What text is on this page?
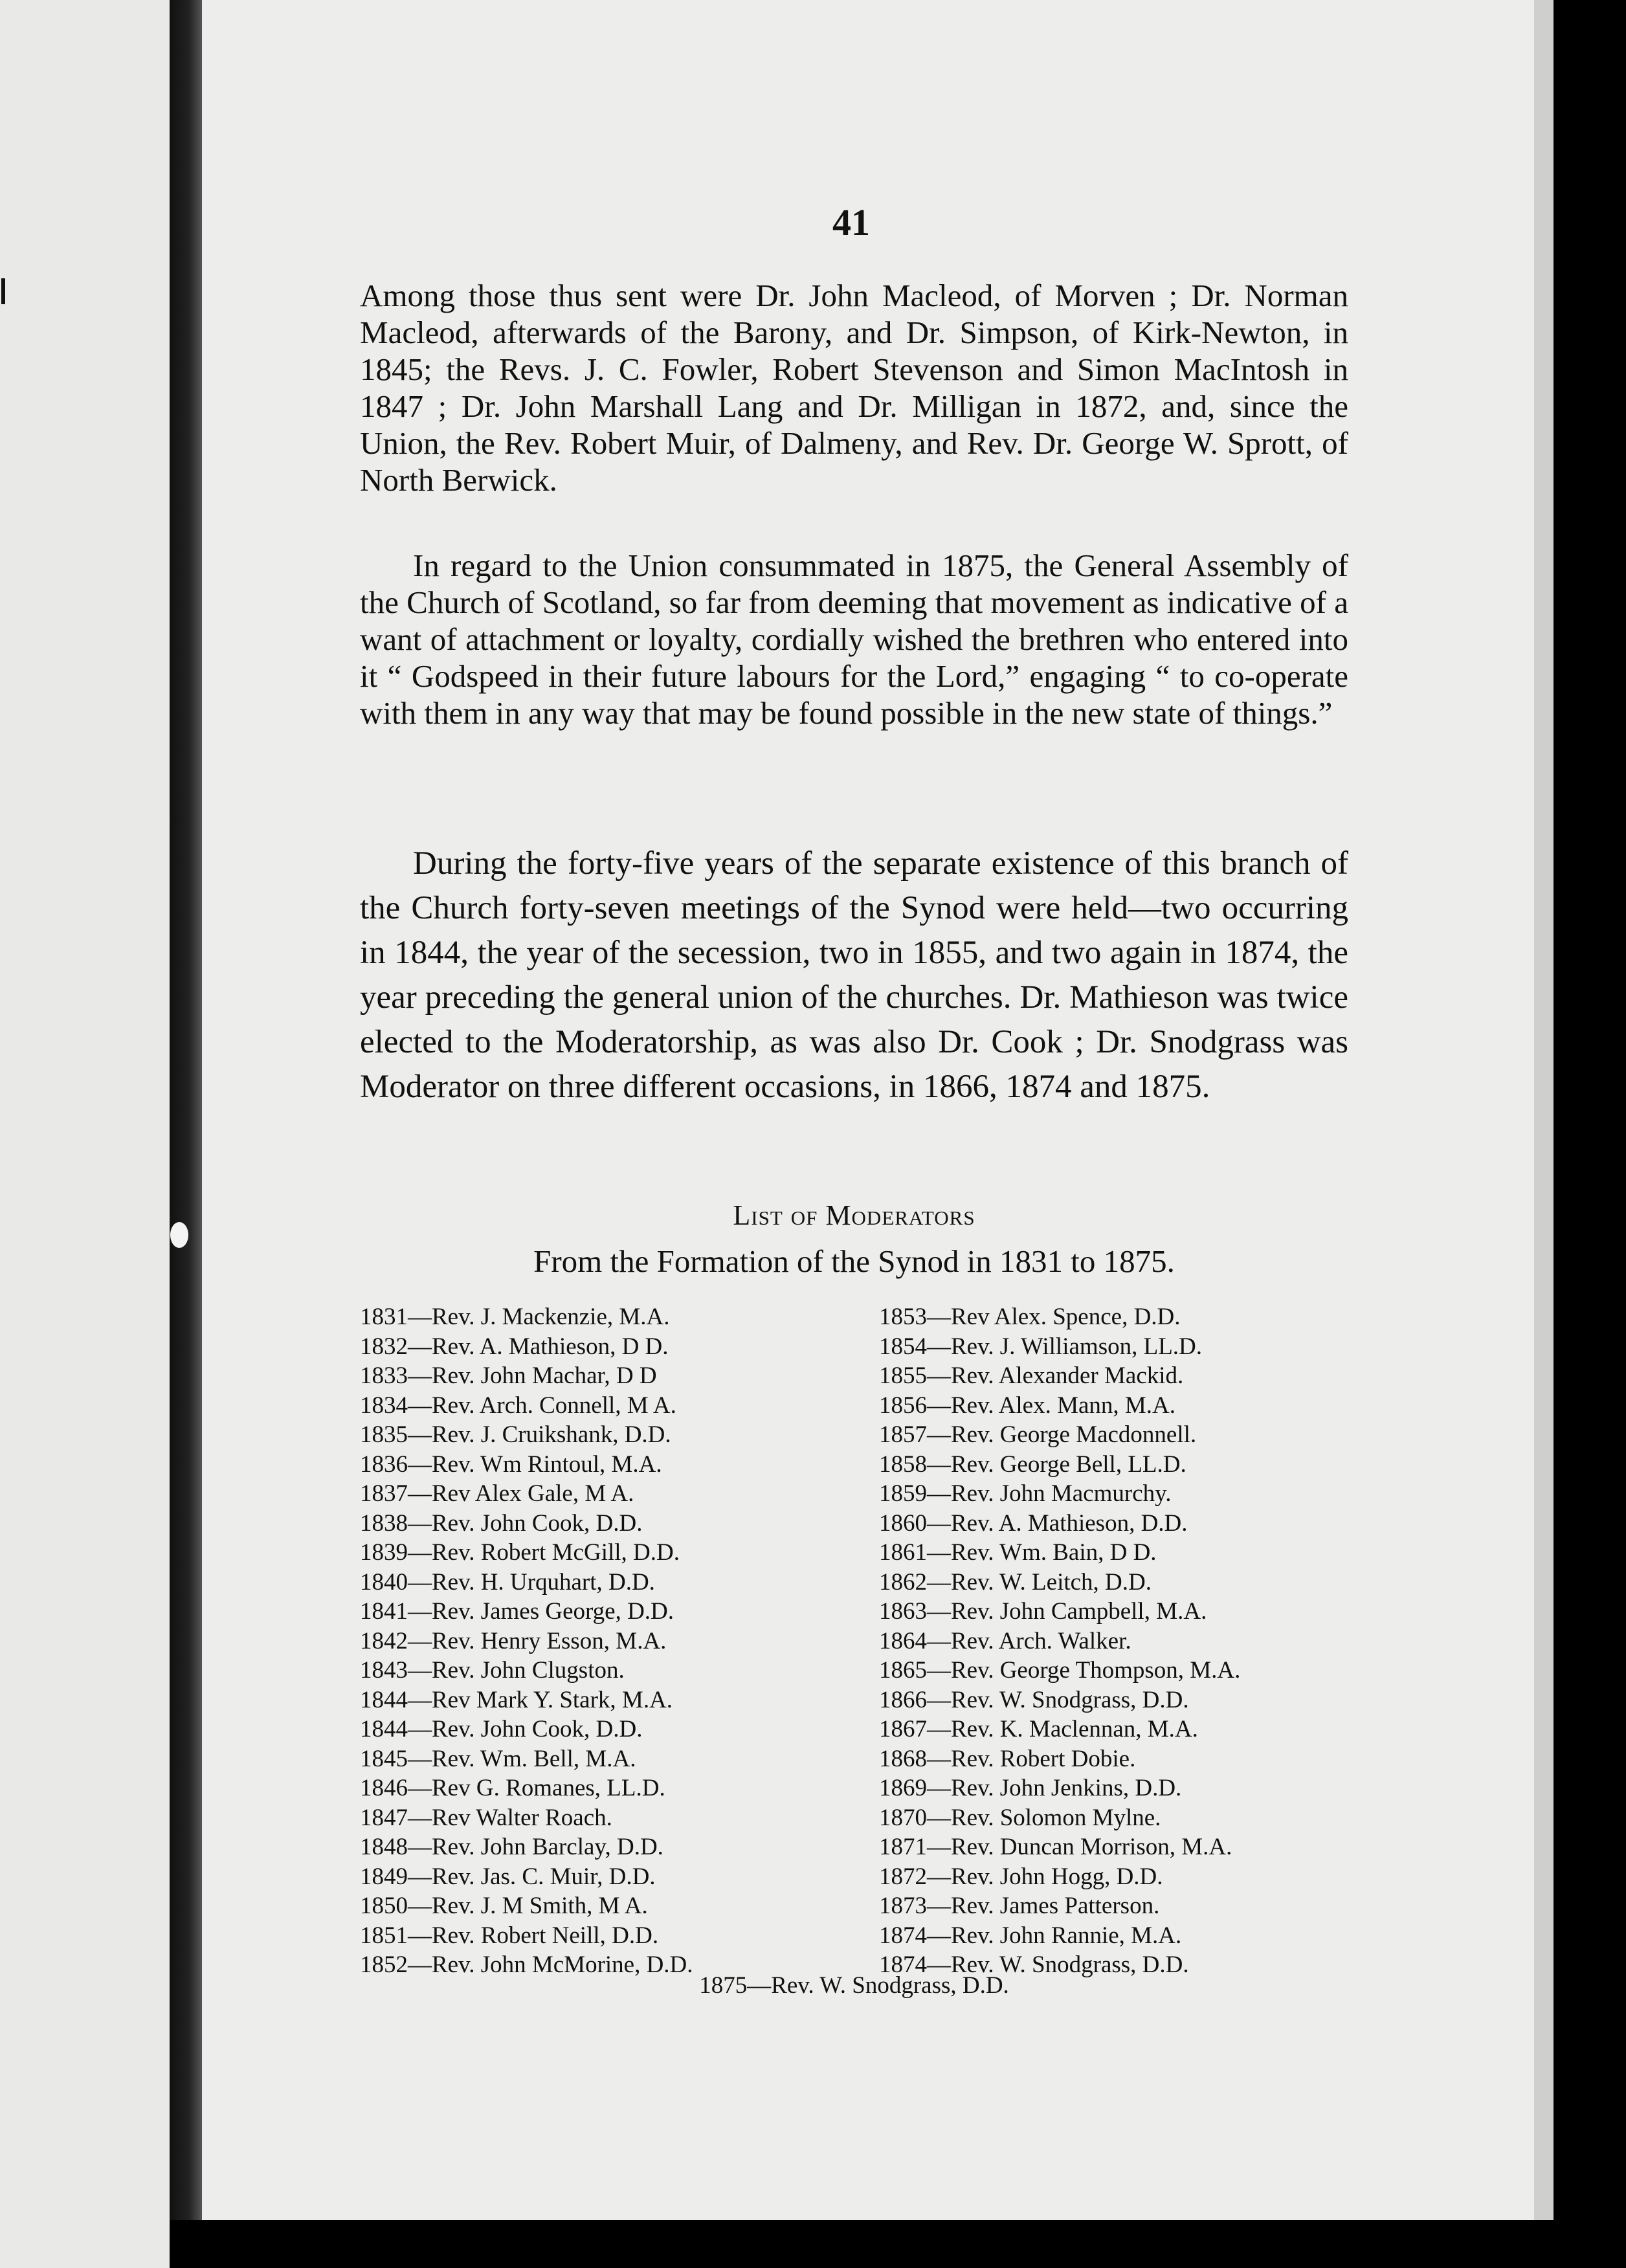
41
Among those thus sent were Dr. John Macleod, of Morven ; Dr. Norman Macleod, afterwards of the Barony, and Dr. Simpson, of Kirk-Newton, in 1845; the Revs. J. C. Fowler, Robert Stevenson and Simon MacIntosh in 1847 ; Dr. John Marshall Lang and Dr. Milligan in 1872, and, since the Union, the Rev. Robert Muir, of Dalmeny, and Rev. Dr. George W. Sprott, of North Berwick.
In regard to the Union consummated in 1875, the General Assembly of the Church of Scotland, so far from deeming that movement as indicative of a want of attachment or loyalty, cordially wished the brethren who entered into it “ Godspeed in their future labours for the Lord,” engaging “ to co-operate with them in any way that may be found possible in the new state of things.”
During the forty-five years of the separate existence of this branch of the Church forty-seven meetings of the Synod were held—two occurring in 1844, the year of the secession, two in 1855, and two again in 1874, the year preceding the general union of the churches. Dr. Mathieson was twice elected to the Moderatorship, as was also Dr. Cook ; Dr. Snodgrass was Moderator on three different occasions, in 1866, 1874 and 1875.
List of Moderators
From the Formation of the Synod in 1831 to 1875.
1831—Rev. J. Mackenzie, M.A.
1832—Rev. A. Mathieson, D D.
1833—Rev. John Machar, D D
1834—Rev. Arch. Connell, M A.
1835—Rev. J. Cruikshank, D.D.
1836—Rev. Wm Rintoul, M.A.
1837—Rev Alex Gale, M A.
1838—Rev. John Cook, D.D.
1839—Rev. Robert McGill, D.D.
1840—Rev. H. Urquhart, D.D.
1841—Rev. James George, D.D.
1842—Rev. Henry Esson, M.A.
1843—Rev. John Clugston.
1844—Rev Mark Y. Stark, M.A.
1844—Rev. John Cook, D.D.
1845—Rev. Wm. Bell, M.A.
1846—Rev G. Romanes, LL.D.
1847—Rev Walter Roach.
1848—Rev. John Barclay, D.D.
1849—Rev. Jas. C. Muir, D.D.
1850—Rev. J. M Smith, M A.
1851—Rev. Robert Neill, D.D.
1852—Rev. John McMorine, D.D.
1853—Rev Alex. Spence, D.D.
1854—Rev. J. Williamson, LL.D.
1855—Rev. Alexander Mackid.
1856—Rev. Alex. Mann, M.A.
1857—Rev. George Macdonnell.
1858—Rev. George Bell, LL.D.
1859—Rev. John Macmurchy.
1860—Rev. A. Mathieson, D.D.
1861—Rev. Wm. Bain, D D.
1862—Rev. W. Leitch, D.D.
1863—Rev. John Campbell, M.A.
1864—Rev. Arch. Walker.
1865—Rev. George Thompson, M.A.
1866—Rev. W. Snodgrass, D.D.
1867—Rev. K. Maclennan, M.A.
1868—Rev. Robert Dobie.
1869—Rev. John Jenkins, D.D.
1870—Rev. Solomon Mylne.
1871—Rev. Duncan Morrison, M.A.
1872—Rev. John Hogg, D.D.
1873—Rev. James Patterson.
1874—Rev. John Rannie, M.A.
1874—Rev. W. Snodgrass, D.D.
1875—Rev. W. Snodgrass, D.D.
